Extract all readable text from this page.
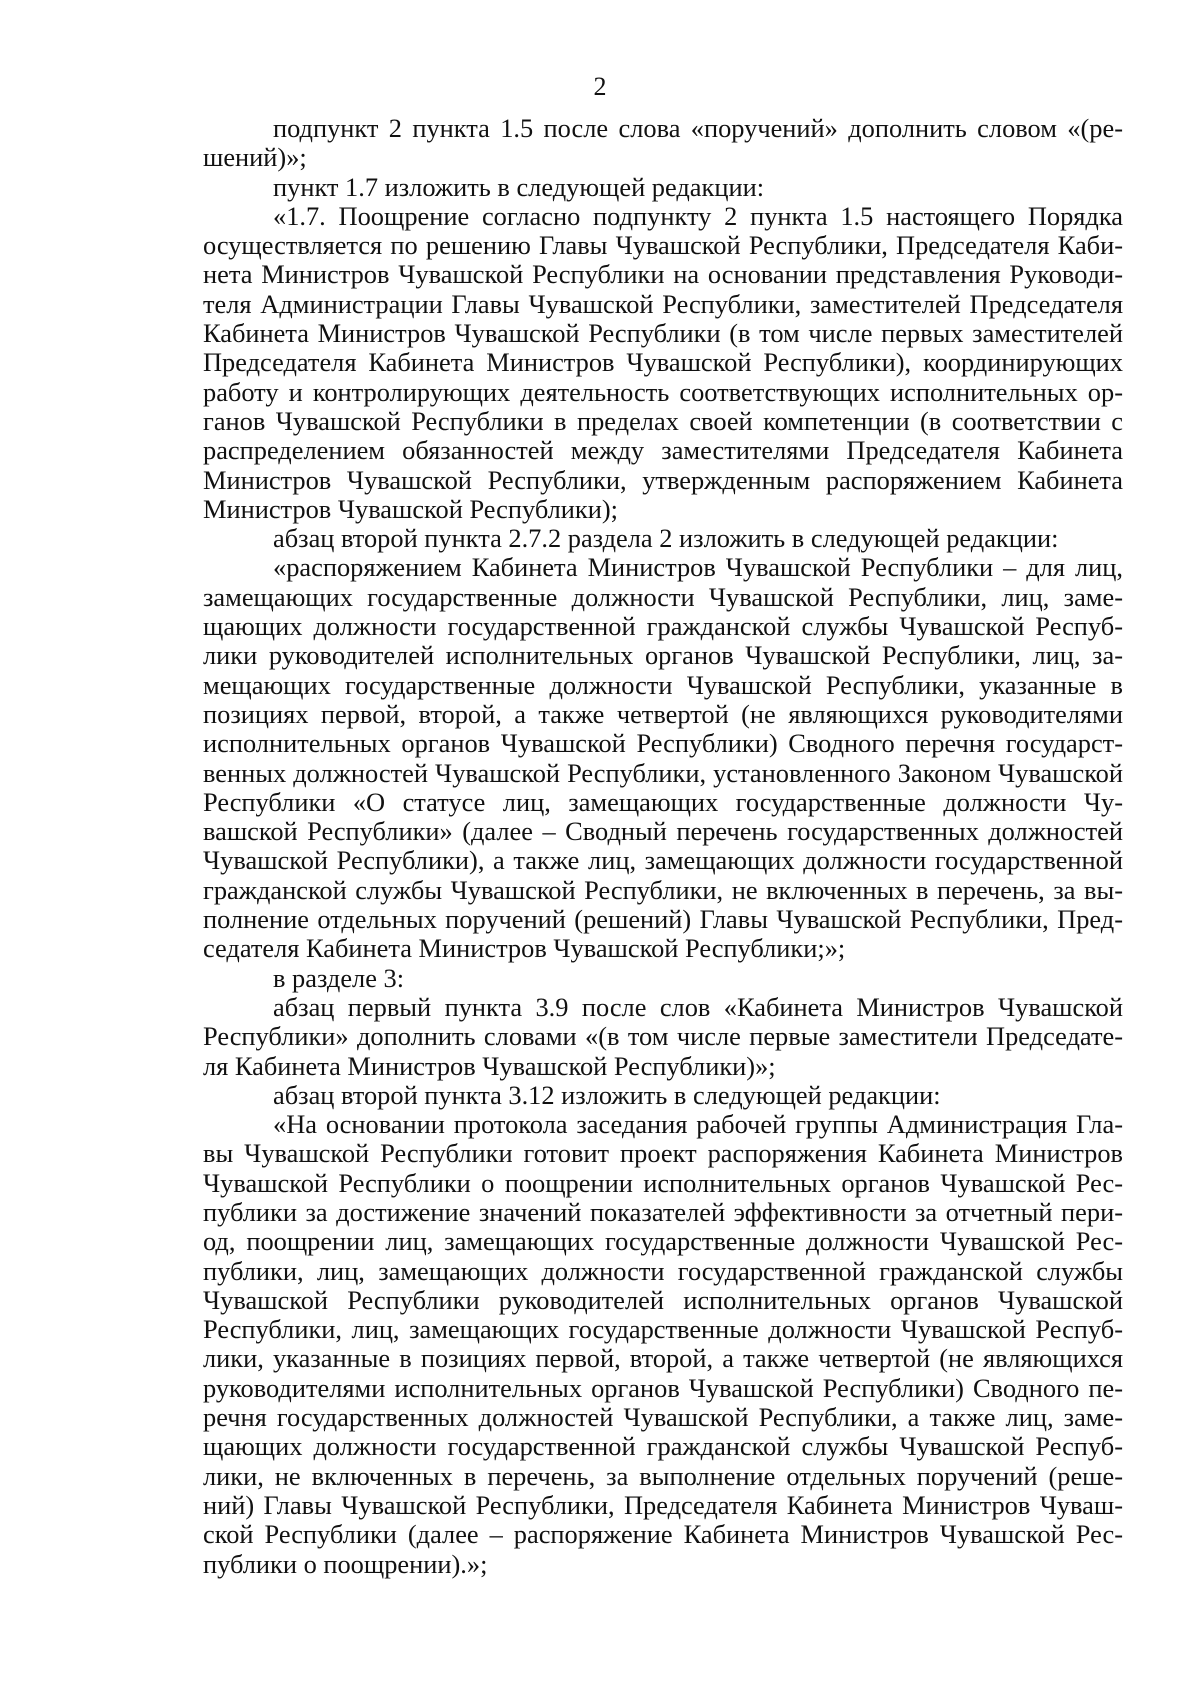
2

подпункт 2 пункта 1.5 после слова «поручений» дополнить словом «(решений)»;

пункт 1.7 изложить в следующей редакции:

«1.7. Поощрение согласно подпункту 2 пункта 1.5 настоящего Порядка осуществляется по решению Главы Чувашской Республики, Председателя Кабинета Министров Чувашской Республики на основании представления Руководителя Администрации Главы Чувашской Республики, заместителей Председателя Кабинета Министров Чувашской Республики (в том числе первых заместителей Председателя Кабинета Министров Чувашской Республики), координирующих работу и контролирующих деятельность соответствующих исполнительных органов Чувашской Республики в пределах своей компетенции (в соответствии с распределением обязанностей между заместителями Председателя Кабинета Министров Чувашской Республики, утвержденным распоряжением Кабинета Министров Чувашской Республики);

абзац второй пункта 2.7.2 раздела 2 изложить в следующей редакции:

«распоряжением Кабинета Министров Чувашской Республики – для лиц, замещающих государственные должности Чувашской Республики, лиц, замещающих должности государственной гражданской службы Чувашской Республики руководителей исполнительных органов Чувашской Республики, лиц, замещающих государственные должности Чувашской Республики, указанные в позициях первой, второй, а также четвертой (не являющихся руководителями исполнительных органов Чувашской Республики) Сводного перечня государственных должностей Чувашской Республики, установленного Законом Чувашской Республики «О статусе лиц, замещающих государственные должности Чувашской Республики» (далее – Сводный перечень государственных должностей Чувашской Республики), а также лиц, замещающих должности государственной гражданской службы Чувашской Республики, не включенных в перечень, за выполнение отдельных поручений (решений) Главы Чувашской Республики, Председателя Кабинета Министров Чувашской Республики;»;

в разделе 3:

абзац первый пункта 3.9 после слов «Кабинета Министров Чувашской Республики» дополнить словами «(в том числе первые заместители Председателя Кабинета Министров Чувашской Республики)»;

абзац второй пункта 3.12 изложить в следующей редакции:

«На основании протокола заседания рабочей группы Администрация Главы Чувашской Республики готовит проект распоряжения Кабинета Министров Чувашской Республики о поощрении исполнительных органов Чувашской Республики за достижение значений показателей эффективности за отчетный период, поощрении лиц, замещающих государственные должности Чувашской Республики, лиц, замещающих должности государственной гражданской службы Чувашской Республики руководителей исполнительных органов Чувашской Республики, лиц, замещающих государственные должности Чувашской Республики, указанные в позициях первой, второй, а также четвертой (не являющихся руководителями исполнительных органов Чувашской Республики) Сводного перечня государственных должностей Чувашской Республики, а также лиц, замещающих должности государственной гражданской службы Чувашской Республики, не включенных в перечень, за выполнение отдельных поручений (решений) Главы Чувашской Республики, Председателя Кабинета Министров Чувашской Республики (далее – распоряжение Кабинета Министров Чувашской Республики о поощрении).»;
